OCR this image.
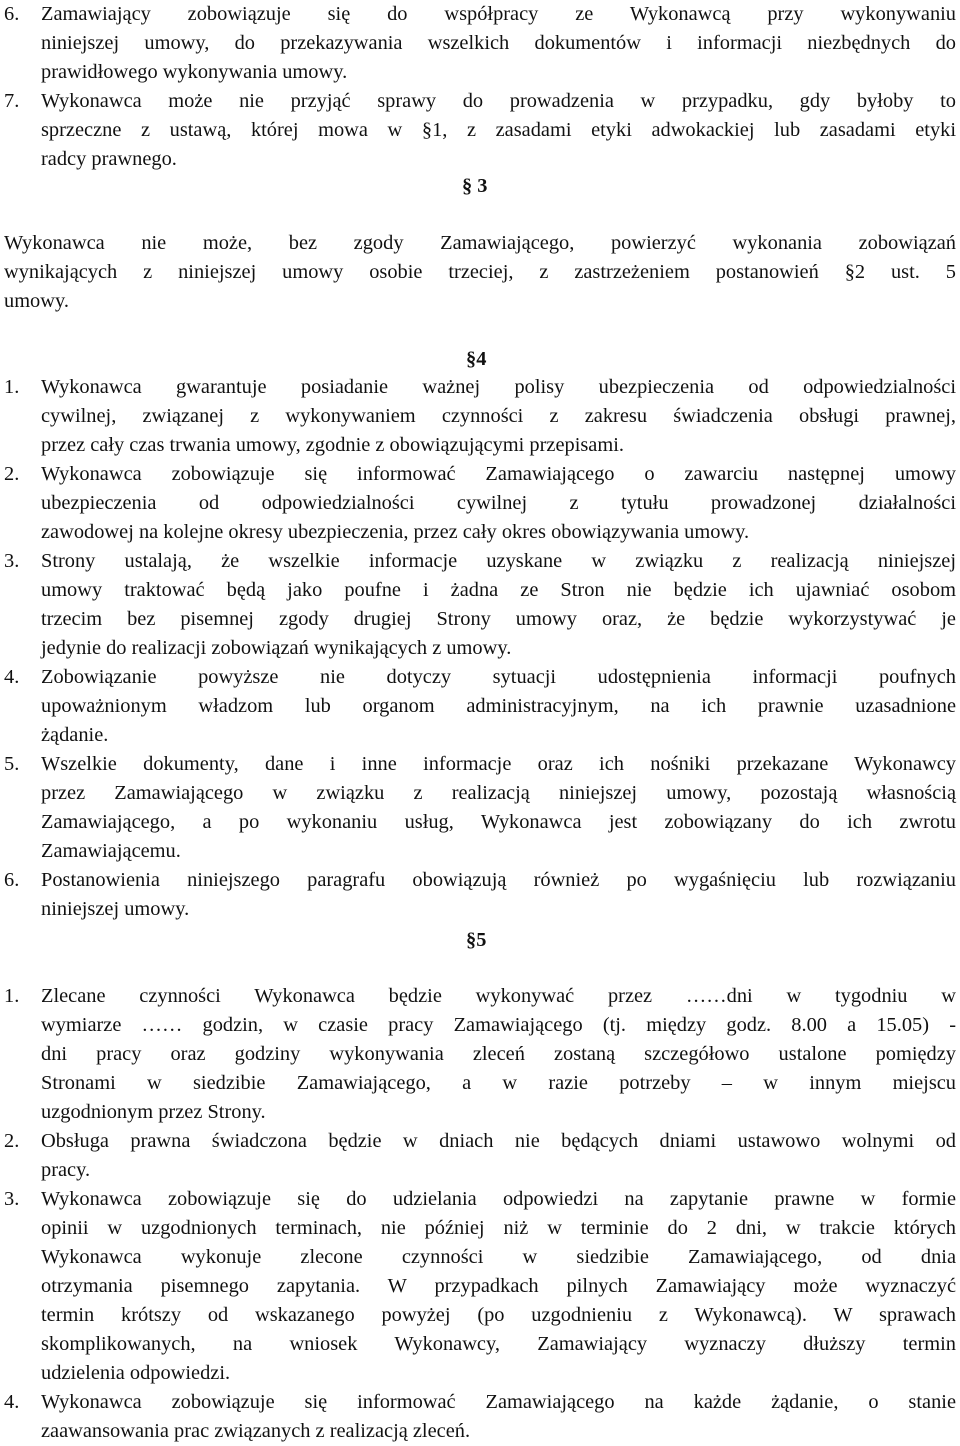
6. Zamawiający zobowiązuje się do współpracy ze Wykonawcą przy wykonywaniu
niniejszej umowy, do przekazywania wszelkich dokumentów i informacji niezbędnych do
prawidłowego wykonywania umowy.
7. Wykonawca może nie przyjąć sprawy do prowadzenia w przypadku, gdy byłoby to
sprzeczne z ustawą, której mowa w §1, z zasadami etyki adwokackiej lub zasadami etyki
radcy prawnego.
§ 3
Wykonawca nie może, bez zgody Zamawiającego, powierzyć wykonania zobowiązań
wynikających z niniejszej umowy osobie trzeciej, z zastrzeżeniem postanowień §2 ust. 5
umowy.
§4
1. Wykonawca gwarantuje posiadanie ważnej polisy ubezpieczenia od odpowiedzialności
cywilnej, związanej z wykonywaniem czynności z zakresu świadczenia obsługi prawnej,
przez cały czas trwania umowy, zgodnie z obowiązującymi przepisami.
2. Wykonawca zobowiązuje się informować Zamawiającego o zawarciu następnej umowy
ubezpieczenia od odpowiedzialności cywilnej z tytułu prowadzonej działalności
zawodowej na kolejne okresy ubezpieczenia, przez cały okres obowiązywania umowy.
3. Strony ustalają, że wszelkie informacje uzyskane w związku z realizacją niniejszej
umowy traktować będą jako poufne i żadna ze Stron nie będzie ich ujawniać osobom
trzecim bez pisemnej zgody drugiej Strony umowy oraz, że będzie wykorzystywać je
jedynie do realizacji zobowiązań wynikających z umowy.
4. Zobowiązanie powyższe nie dotyczy sytuacji udostępnienia informacji poufnych
upoważnionym władzom lub organom administracyjnym, na ich prawnie uzasadnione
żądanie.
5. Wszelkie dokumenty, dane i inne informacje oraz ich nośniki przekazane Wykonawcy
przez Zamawiającego w związku z realizacją niniejszej umowy, pozostają własnością
Zamawiającego, a po wykonaniu usług, Wykonawca jest zobowiązany do ich zwrotu
Zamawiającemu.
6. Postanowienia niniejszego paragrafu obowiązują również po wygaśnięciu lub rozwiązaniu
niniejszej umowy.
§5
1. Zlecane czynności Wykonawca będzie wykonywać przez ……dni w tygodniu w
wymiarze …… godzin, w czasie pracy Zamawiającego (tj. między godz. 8.00 a 15.05) -
dni pracy oraz godziny wykonywania zleceń zostaną szczegółowo ustalone pomiędzy
Stronami w siedzibie Zamawiającego, a w razie potrzeby – w innym miejscu
uzgodnionym przez Strony.
2. Obsługa prawna świadczona będzie w dniach nie będących dniami ustawowo wolnymi od
pracy.
3. Wykonawca zobowiązuje się do udzielania odpowiedzi na zapytanie prawne w formie
opinii w uzgodnionych terminach, nie później niż w terminie do 2 dni, w trakcie których
Wykonawca wykonuje zlecone czynności w siedzibie Zamawiającego, od dnia
otrzymania pisemnego zapytania. W przypadkach pilnych Zamawiający może wyznaczyć
termin krótszy od wskazanego powyżej (po uzgodnieniu z Wykonawcą). W sprawach
skomplikowanych, na wniosek Wykonawcy, Zamawiający wyznaczy dłuższy termin
udzielenia odpowiedzi.
4. Wykonawca zobowiązuje się informować Zamawiającego na każde żądanie, o stanie
zaawansowania prac związanych z realizacją zleceń.
